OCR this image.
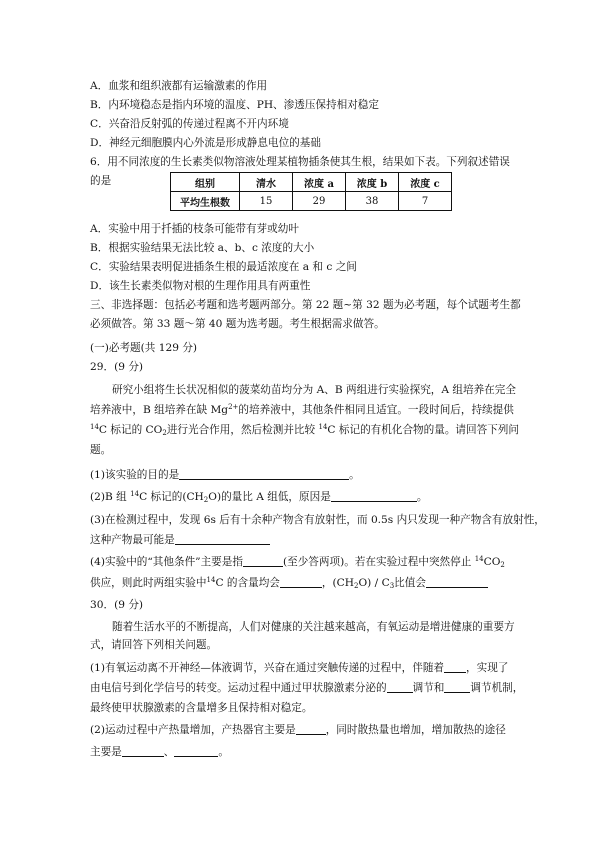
A．血浆和组织液都有运输激素的作用
B．内环境稳态是指内环境的温度、PH、渗透压保持相对稳定
C．兴奋沿反射弧的传递过程离不开内环境
D．神经元细胞膜内心外流是形成静息电位的基础
6．用不同浓度的生长素类似物溶液处理某植物插条使其生根，结果如下表。下列叙述错误
的是	组别	清水	浓度 a	浓度 b	浓度 c
平均生根数	15	29	38	7
A．实验中用于扦插的枝条可能带有芽或幼叶
B．根据实验结果无法比较 a、b、c 浓度的大小
C．实验结果表明促进插条生根的最适浓度在 a 和 c 之间
D．该生长素类似物对根的生理作用具有两重性
三、非选择题：包括必考题和选考题两部分。第 22 题~第 32 题为必考题，每个试题考生都
必须做答。第 33 题～第 40 题为选考题。考生根据需求做答。
(一)必考题(共 129 分)
29．(9 分)
研究小组将生长状况相似的菠菜幼苗均分为 A、B 两组进行实验探究，A 组培养在完全
培养液中，B 组培养在缺 $Mg^{2+}$的培养液中，其他条件相同且适宜。一段时间后，持续提供
$^{14}$C 标记的 $CO_2$进行光合作用，然后检测并比较 $^{14}$C 标记的有机化合物的量。请回答下列问
题。
(1)该实验的目的是	。
(2)B 组 $^{14}$C 标记的$(CH_2O)$的量比 A 组低，原因是	。
(3)在检测过程中，发现 6s 后有十余种产物含有放射性，而 0.5s 内只发现一种产物含有放射性，
这种产物最可能是
(4)实验中的“其他条件”主要是指	(至少答两项)。若在实验过程中突然停止 $^{14}CO_2$
供应，则此时两组实验中$^{14}$C 的含量均会	，$(CH_2O) / C_3$比值会
30．(9 分)
随着生活水平的不断提高，人们对健康的关注越来越高，有氧运动是增进健康的重要方
式，请回答下列相关问题。
(1)有氧运动离不开神经—体液调节，兴奋在通过突触传递的过程中，伴随着 ，实现了
由电信号到化学信号的转变。运动过程中通过甲状腺激素分泌的 调节和 调节机制，
最终使甲状腺激素的含量增多且保持相对稳定。
(2)运动过程中产热量增加，产热器官主要是	，同时散热量也增加，增加散热的途径
主要是	、	。
